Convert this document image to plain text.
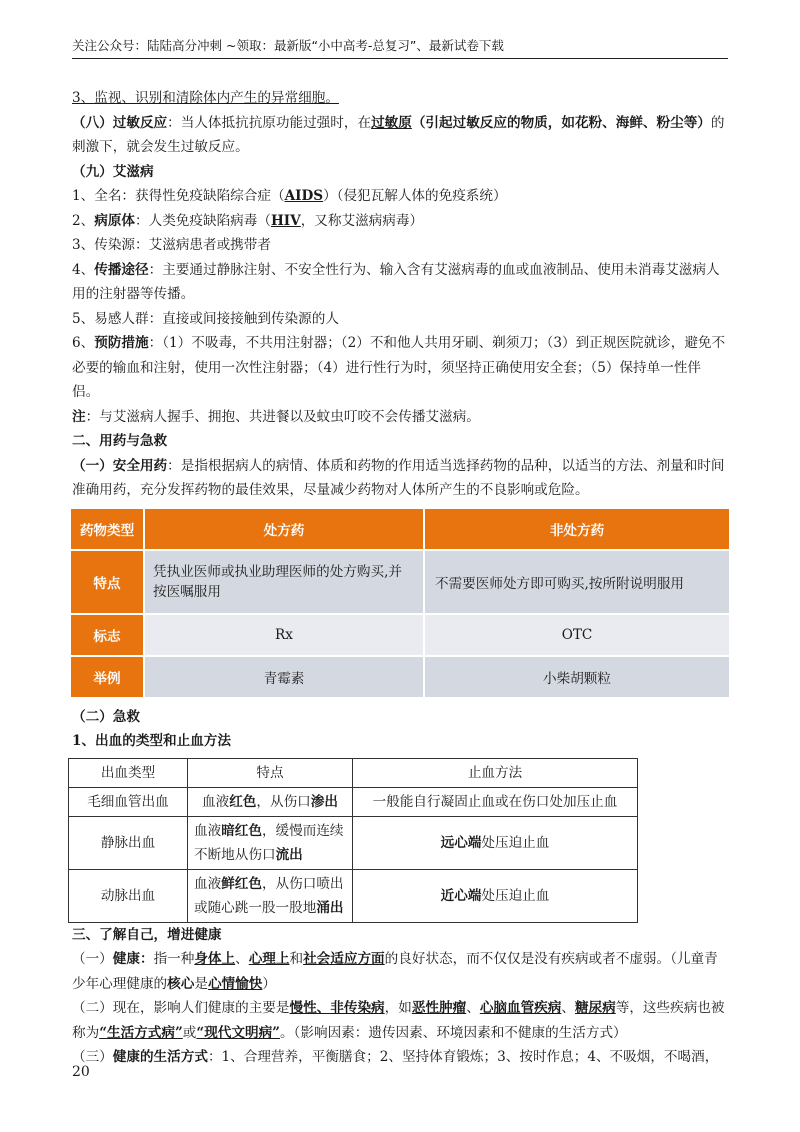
关注公众号：陆陆高分冲刺 ~领取：最新版“小中高考-总复习”、最新试卷下载
3、监视、识别和清除体内产生的异常细胞。
（八）过敏反应：当人体抵抗抗原功能过强时，在过敏原（引起过敏反应的物质，如花粉、海鲜、粉尘等）的刺激下，就会发生过敏反应。
（九）艾滋病
1、全名：获得性免疫缺陷综合症（AIDS）（侵犯瓦解人体的免疫系统）
2、病原体：人类免疫缺陷病毒（HIV，又称艾滋病病毒）
3、传染源：艾滋病患者或携带者
4、传播途径：主要通过静脉注射、不安全性行为、输入含有艾滋病毒的血或血液制品、使用未消毒艾滋病人用的注射器等传播。
5、易感人群：直接或间接接触到传染源的人
6、预防措施：（1）不吸毒，不共用注射器；（2）不和他人共用牙刷、剃须刀；（3）到正规医院就诊，避免不必要的输血和注射，使用一次性注射器；（4）进行性行为时，须坚持正确使用安全套；（5）保持单一性伴侣。
注：与艾滋病人握手、拥抱、共进餐以及蚊虫叮咬不会传播艾滋病。
二、用药与急救
（一）安全用药：是指根据病人的病情、体质和药物的作用适当选择药物的品种，以适当的方法、剂量和时间准确用药，充分发挥药物的最佳效果，尽量减少药物对人体所产生的不良影响或危险。
药物类型	处方药	非处方药
特点	凭执业医师或执业助理医师的处方购买,并按医嘱服用	不需要医师处方即可购买,按所附说明服用
标志	Rx	OTC
举例	青霉素	小柴胡颗粒
（二）急救
1、出血的类型和止血方法
出血类型	特点	止血方法
毛细血管出血	血液红色，从伤口渗出	一般能自行凝固止血或在伤口处加压止血
静脉出血	血液暗红色，缓慢而连续不断地从伤口流出	远心端处压迫止血
动脉出血	血液鲜红色，从伤口喷出或随心跳一股一股地涌出	近心端处压迫止血
三、了解自己，增进健康
（一）健康：指一种身体上、心理上和社会适应方面的良好状态，而不仅仅是没有疾病或者不虚弱。（儿童青少年心理健康的核心是心情愉快）
（二）现在，影响人们健康的主要是慢性、非传染病，如恶性肿瘤、心脑血管疾病、糖尿病等，这些疾病也被称为“生活方式病”或“现代文明病”。（影响因素：遗传因素、环境因素和不健康的生活方式）
（三）健康的生活方式：1、合理营养，平衡膳食；2、坚持体育锻炼；3、按时作息；4、不吸烟，不喝酒，
20
